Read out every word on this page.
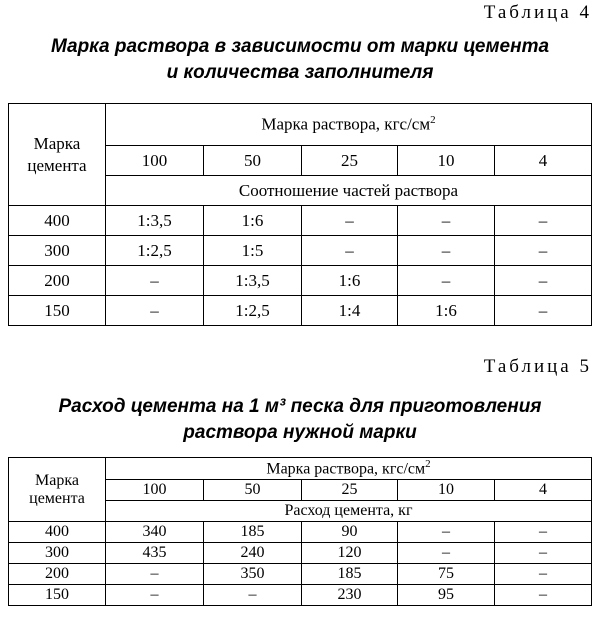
Таблица 4
Марка раствора в зависимости от марки цемента
и количества заполнителя
Марка цемента	Марка раствора, кгс/$см^2$
	100	50	25	10	4
	Соотношение частей раствора				
400	1:3,5	1:6	–	–	–
300	1:2,5	1:5	–	–	–
200	–	1:3,5	1:6	–	–
150	–	1:2,5	1:4	1:6	–
Таблица 5
Расход цемента на 1 м³ песка для приготовления
раствора нужной марки
Марка цемента	Марка раствора, кгс/$см^2$
	100	50	25	10	4
	Расход цемента, кг				
400	340	185	90	–	–
300	435	240	120	–	–
200	–	350	185	75	–
150	–	–	230	95	–
